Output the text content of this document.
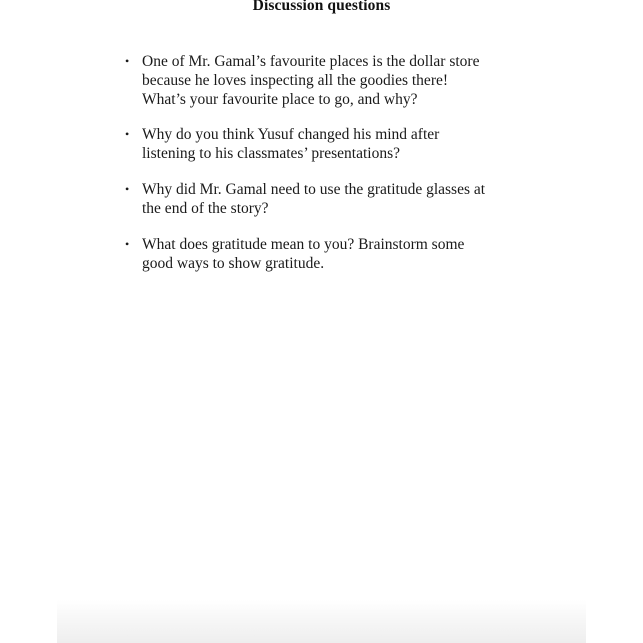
Discussion questions
• One of Mr. Gamal’s favourite places is the dollar store
because he loves inspecting all the goodies there!
What’s your favourite place to go, and why?
• Why do you think Yusuf changed his mind after
listening to his classmates’ presentations?
• Why did Mr. Gamal need to use the gratitude glasses at
the end of the story?
• What does gratitude mean to you? Brainstorm some
good ways to show gratitude.
